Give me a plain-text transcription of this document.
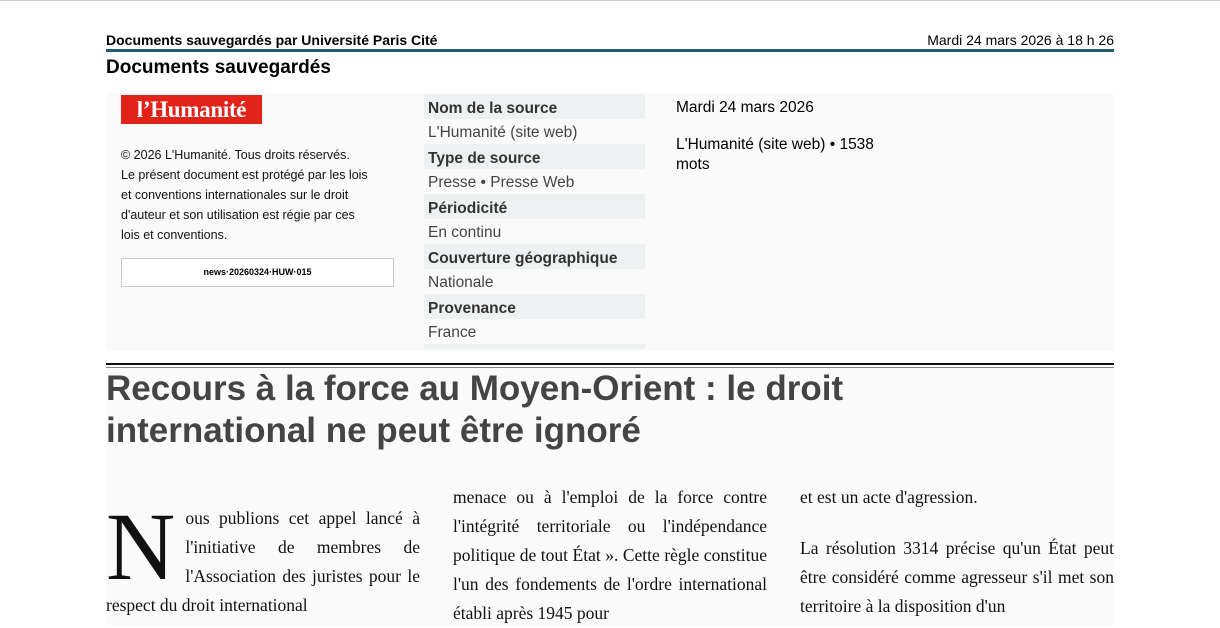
Documents sauvegardés par Université Paris Cité	Mardi 24 mars 2026 à 18 h 26
Documents sauvegardés
l’Humanité
© 2026 L'Humanité. Tous droits réservés.
Le présent document est protégé par les lois
et conventions internationales sur le droit
d'auteur et son utilisation est régie par ces
lois et conventions.
news·20260324·HUW·015
Nom de la source
L'Humanité (site web)
Type de source
Presse • Presse Web
Périodicité
En continu
Couverture géographique
Nationale
Provenance
France
Mardi 24 mars 2026
L'Humanité (site web) • 1538 mots
Recours à la force au Moyen-Orient : le droit
international ne peut être ignoré
N ous publions cet appel lancé à l'initiative de membres de l'Association des juristes pour le respect du droit international

menace ou à l'emploi de la force contre l'intégrité territoriale ou l'indépendance politique de tout État ». Cette règle constitue l'un des fondements de l'ordre international établi après 1945 pour

et est un acte d'agression.

La résolution 3314 précise qu'un État peut être considéré comme agresseur s'il met son territoire à la disposition d'un
